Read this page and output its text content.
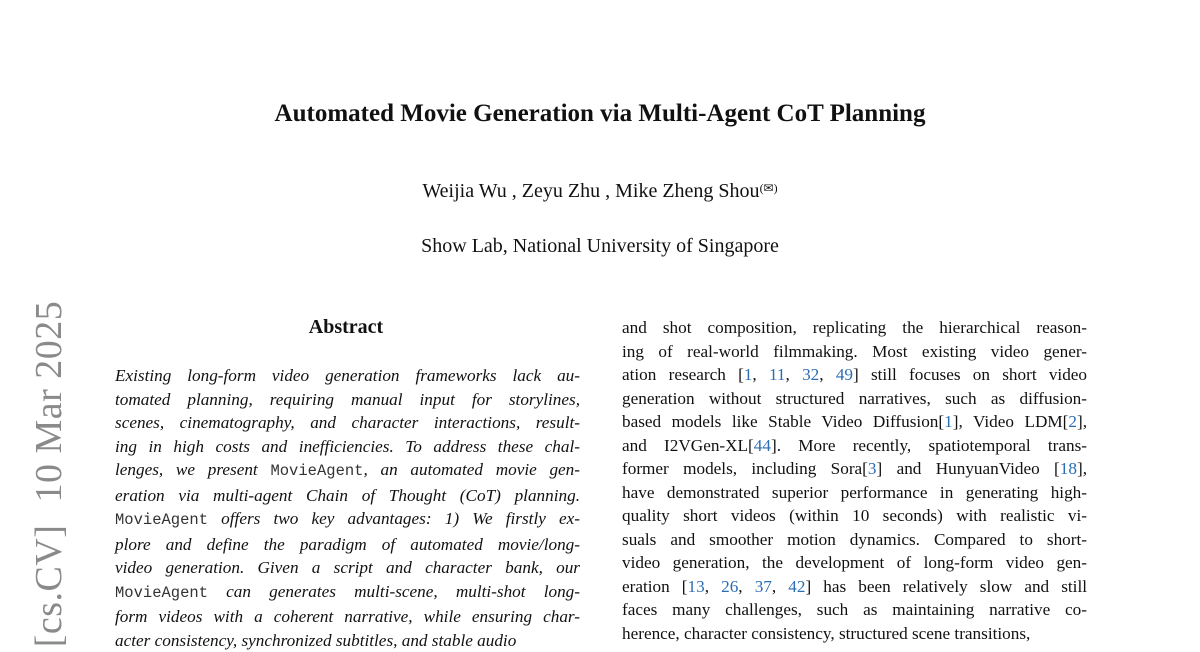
Automated Movie Generation via Multi-Agent CoT Planning
Weijia Wu , Zeyu Zhu , Mike Zheng Shou(✉)
Show Lab, National University of Singapore
[cs.CV]10 Mar 2025	Abstract
Existing long-form video generation frameworks lack au-
tomated planning, requiring manual input for storylines,
scenes, cinematography, and character interactions, result-
ing in high costs and inefficiencies. To address these chal-
lenges, we present MovieAgent, an automated movie gen-
eration via multi-agent Chain of Thought (CoT) planning.
MovieAgent offers two key advantages: 1) We firstly ex-
plore and define the paradigm of automated movie/long-
video generation. Given a script and character bank, our
MovieAgent can generates multi-scene, multi-shot long-
form videos with a coherent narrative, while ensuring char-
acter consistency, synchronized subtitles, and stable audio
and shot composition, replicating the hierarchical reason-
ing of real-world filmmaking. Most existing video gener-
ation research [1, 11, 32, 49] still focuses on short video
generation without structured narratives, such as diffusion-
based models like Stable Video Diffusion[1], Video LDM[2],
and I2VGen-XL[44]. More recently, spatiotemporal trans-
former models, including Sora[3] and HunyuanVideo [18],
have demonstrated superior performance in generating high-
quality short videos (within 10 seconds) with realistic vi-
suals and smoother motion dynamics. Compared to short-
video generation, the development of long-form video gen-
eration [13, 26, 37, 42] has been relatively slow and still
faces many challenges, such as maintaining narrative co-
herence, character consistency, structured scene transitions,
